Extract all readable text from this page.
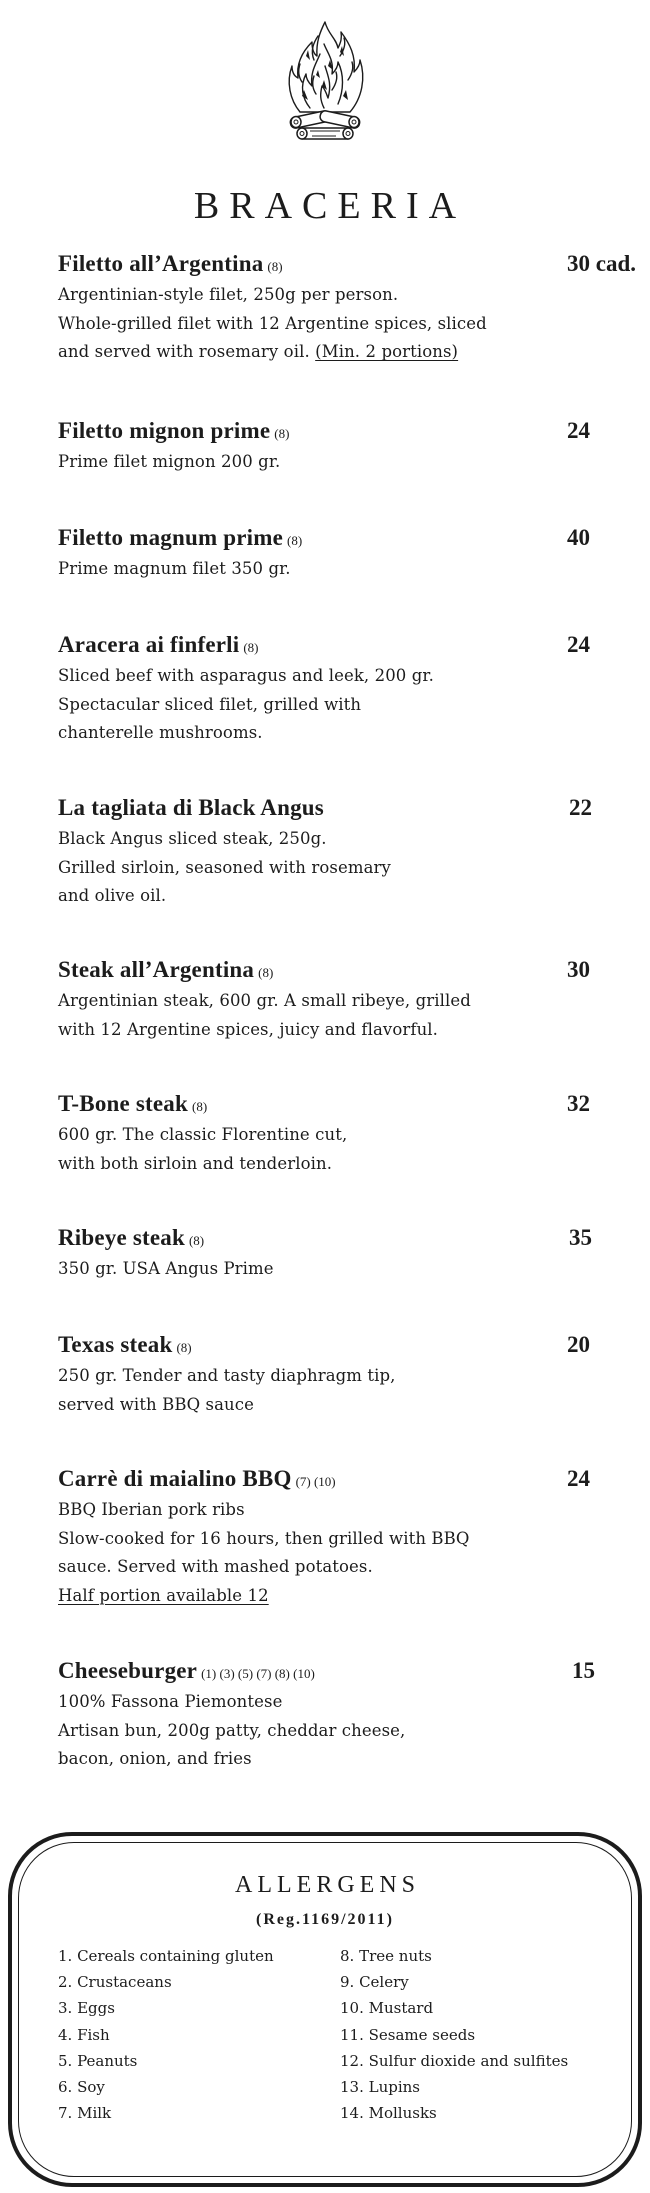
BRACERIA
Filetto all’Argentina (8)	30 cad.
Argentinian-style filet, 250g per person.
Whole-grilled filet with 12 Argentine spices, sliced
and served with rosemary oil. (Min. 2 portions)
Filetto mignon prime (8)	24
Prime filet mignon 200 gr.
Filetto magnum prime (8)	40
Prime magnum filet 350 gr.
Aracera ai finferli (8)	24
Sliced beef with asparagus and leek, 200 gr.
Spectacular sliced filet, grilled with
chanterelle mushrooms.
La tagliata di Black Angus	22
Black Angus sliced steak, 250g.
Grilled sirloin, seasoned with rosemary
and olive oil.
Steak all’Argentina (8)	30
Argentinian steak, 600 gr. A small ribeye, grilled
with 12 Argentine spices, juicy and flavorful.
T-Bone steak (8)	32
600 gr. The classic Florentine cut,
with both sirloin and tenderloin.
Ribeye steak (8)	35
350 gr. USA Angus Prime
Texas steak (8)	20
250 gr. Tender and tasty diaphragm tip,
served with BBQ sauce
Carrè di maialino BBQ (7) (10)	24
BBQ Iberian pork ribs
Slow-cooked for 16 hours, then grilled with BBQ
sauce. Served with mashed potatoes.
Half portion available 12
Cheeseburger (1) (3) (5) (7) (8) (10)	15
100% Fassona Piemontese
Artisan bun, 200g patty, cheddar cheese,
bacon, onion, and fries
ALLERGENS
(Reg.1169/2011)
1. Cereals containing gluten
2. Crustaceans
3. Eggs
4. Fish
5. Peanuts
6. Soy
7. Milk
8. Tree nuts
9. Celery
10. Mustard
11. Sesame seeds
12. Sulfur dioxide and sulfites
13. Lupins
14. Mollusks
